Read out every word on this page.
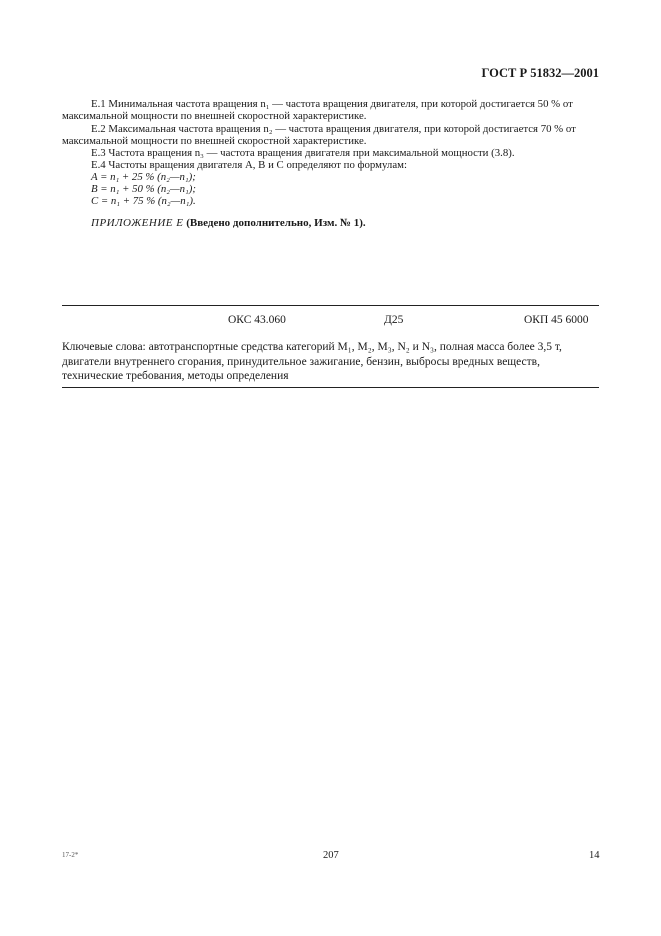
ГОСТ Р 51832—2001
Е.1 Минимальная частота вращения n₁ — частота вращения двигателя, при которой достигается 50 % от
максимальной мощности по внешней скоростной характеристике.
Е.2 Максимальная частота вращения n₂ — частота вращения двигателя, при которой достигается 70 % от
максимальной мощности по внешней скоростной характеристике.
Е.3 Частота вращения n₃ — частота вращения двигателя при максимальной мощности (3.8).
Е.4 Частоты вращения двигателя A, B и C определяют по формулам:
A = n₁ + 25 % (n₂—n₁);
B = n₁ + 50 % (n₂—n₁);
C = n₁ + 75 % (n₂—n₁).
ПРИЛОЖЕНИЕ Е (Введено дополнительно, Изм. № 1).
ОКС 43.060	Д25	ОКП 45 6000
Ключевые слова: автотранспортные средства категорий M₁, M₂, M₃, N₂ и N₃, полная масса более 3,5 т, двигатели внутреннего сгорания, принудительное зажигание, бензин, выбросы вредных веществ, технические требования, методы определения
17-2*	207	14
